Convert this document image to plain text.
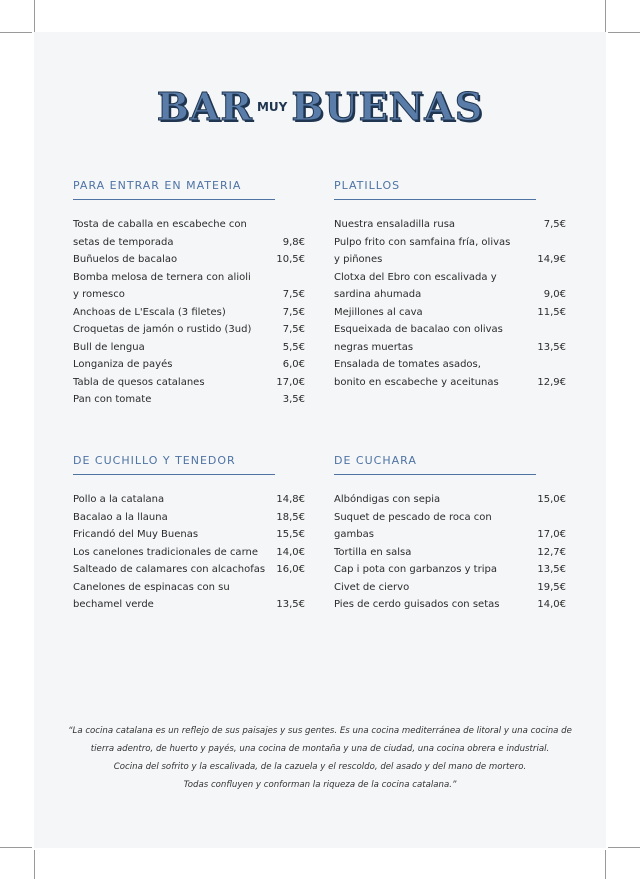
BAR MUY BUENAS
PARA ENTRAR EN MATERIA
Tosta de caballa en escabeche con
setas de temporada	9,8€
Buñuelos de bacalao	10,5€
Bomba melosa de ternera con alioli
y romesco	7,5€
Anchoas de L'Escala (3 filetes)	7,5€
Croquetas de jamón o rustido (3ud)	7,5€
Bull de lengua	5,5€
Longaniza de payés	6,0€
Tabla de quesos catalanes	17,0€
Pan con tomate	3,5€
PLATILLOS
Nuestra ensaladilla rusa	7,5€
Pulpo frito con samfaina fría, olivas
y piñones	14,9€
Clotxa del Ebro con escalivada y
sardina ahumada	9,0€
Mejillones al cava	11,5€
Esqueixada de bacalao con olivas
negras muertas	13,5€
Ensalada de tomates asados,
bonito en escabeche y aceitunas	12,9€
DE CUCHILLO Y TENEDOR
Pollo a la catalana	14,8€
Bacalao a la llauna	18,5€
Fricandó del Muy Buenas	15,5€
Los canelones tradicionales de carne 14,0€
Salteado de calamares con alcachofas 16,0€
Canelones de espinacas con su
bechamel verde	13,5€
DE CUCHARA
Albóndigas con sepia	15,0€
Suquet de pescado de roca con
gambas	17,0€
Tortilla en salsa	12,7€
Cap i pota con garbanzos y tripa	13,5€
Civet de ciervo	19,5€
Pies de cerdo guisados con setas	14,0€
“La cocina catalana es un reflejo de sus paisajes y sus gentes. Es una cocina mediterránea de litoral y una cocina de
tierra adentro, de huerto y payés, una cocina de montaña y una de ciudad, una cocina obrera e industrial.
Cocina del sofrito y la escalivada, de la cazuela y el rescoldo, del asado y del mano de mortero.
Todas confluyen y conforman la riqueza de la cocina catalana.”
